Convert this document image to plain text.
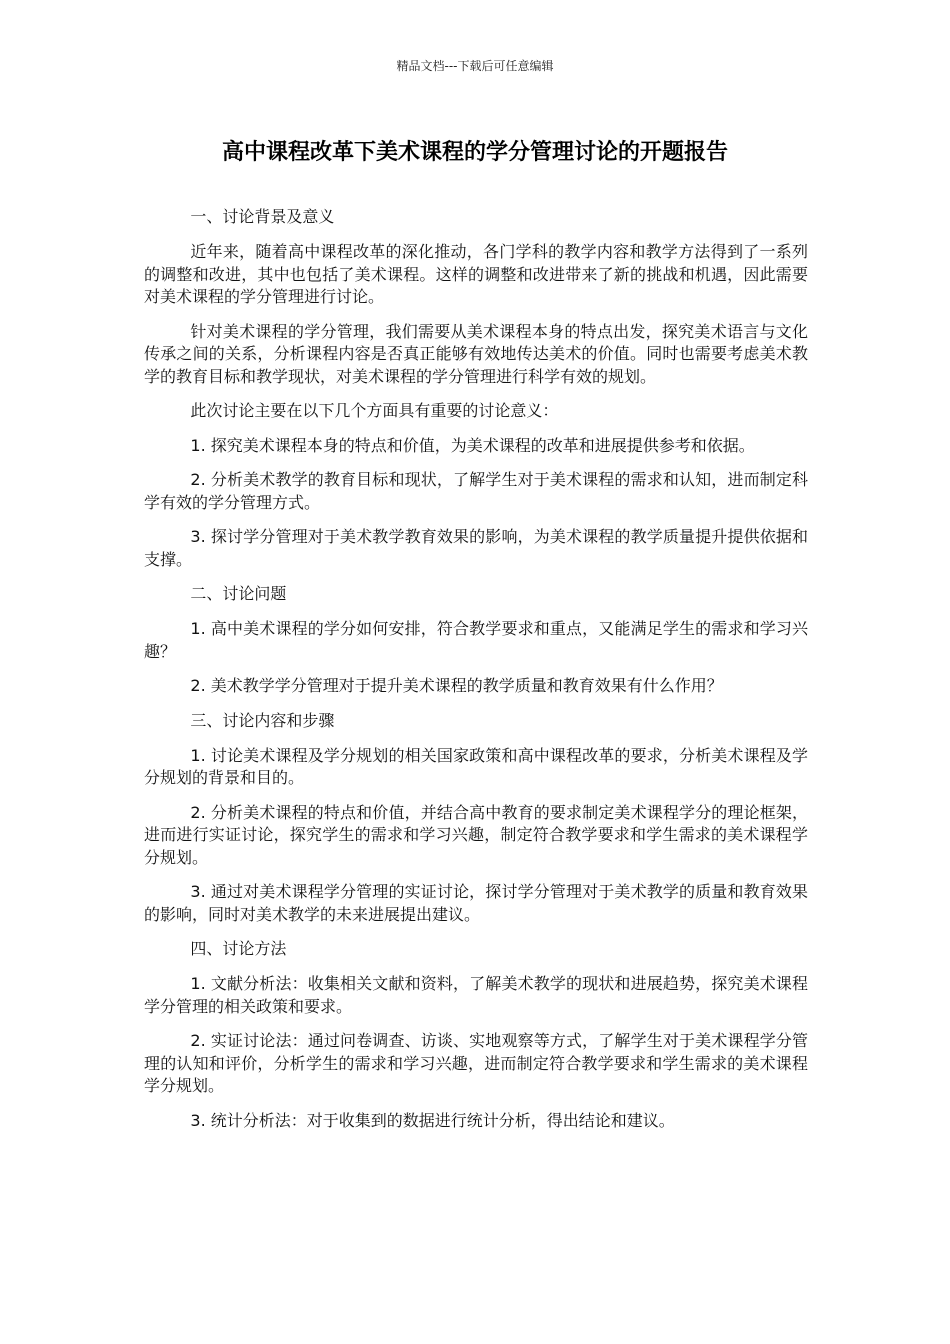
精品文档---下载后可任意编辑
高中课程改革下美术课程的学分管理讨论的开题报告

一、讨论背景及意义

近年来，随着高中课程改革的深化推动，各门学科的教学内容和教学方法得到了一系列的调整和改进，其中也包括了美术课程。这样的调整和改进带来了新的挑战和机遇，因此需要对美术课程的学分管理进行讨论。

针对美术课程的学分管理，我们需要从美术课程本身的特点出发，探究美术语言与文化传承之间的关系，分析课程内容是否真正能够有效地传达美术的价值。同时也需要考虑美术教学的教育目标和教学现状，对美术课程的学分管理进行科学有效的规划。

此次讨论主要在以下几个方面具有重要的讨论意义：

1. 探究美术课程本身的特点和价值，为美术课程的改革和进展提供参考和依据。

2. 分析美术教学的教育目标和现状，了解学生对于美术课程的需求和认知，进而制定科学有效的学分管理方式。

3. 探讨学分管理对于美术教学教育效果的影响，为美术课程的教学质量提升提供依据和支撑。

二、讨论问题

1. 高中美术课程的学分如何安排，符合教学要求和重点，又能满足学生的需求和学习兴趣？

2. 美术教学学分管理对于提升美术课程的教学质量和教育效果有什么作用？

三、讨论内容和步骤

1. 讨论美术课程及学分规划的相关国家政策和高中课程改革的要求，分析美术课程及学分规划的背景和目的。

2. 分析美术课程的特点和价值，并结合高中教育的要求制定美术课程学分的理论框架，进而进行实证讨论，探究学生的需求和学习兴趣，制定符合教学要求和学生需求的美术课程学分规划。

3. 通过对美术课程学分管理的实证讨论，探讨学分管理对于美术教学的质量和教育效果的影响，同时对美术教学的未来进展提出建议。

四、讨论方法

1. 文献分析法：收集相关文献和资料，了解美术教学的现状和进展趋势，探究美术课程学分管理的相关政策和要求。

2. 实证讨论法：通过问卷调查、访谈、实地观察等方式，了解学生对于美术课程学分管理的认知和评价，分析学生的需求和学习兴趣，进而制定符合教学要求和学生需求的美术课程学分规划。

3. 统计分析法：对于收集到的数据进行统计分析，得出结论和建议。
